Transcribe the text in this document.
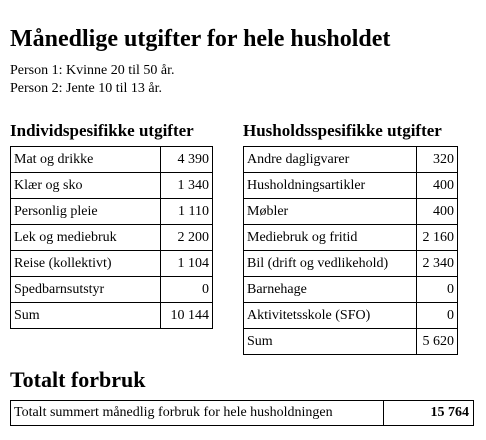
Månedlige utgifter for hele husholdet
Person 1: Kvinne 20 til 50 år.
Person 2: Jente 10 til 13 år.
Individspesifikke utgifter	Husholdsspesifikke utgifter
Mat og drikke	4 390
Klær og sko	1 340
Personlig pleie	1 110
Lek og mediebruk	2 200
Reise (kollektivt)	1 104
Spedbarnsutstyr	0
Sum	10 144
Andre dagligvarer	320
Husholdningsartikler	400
Møbler	400
Mediebruk og fritid	2 160
Bil (drift og vedlikehold)	2 340
Barnehage	0
Aktivitetsskole (SFO)	0
Sum	5 620
Totalt forbruk
Totalt summert månedlig forbruk for hele husholdningen	15 764
